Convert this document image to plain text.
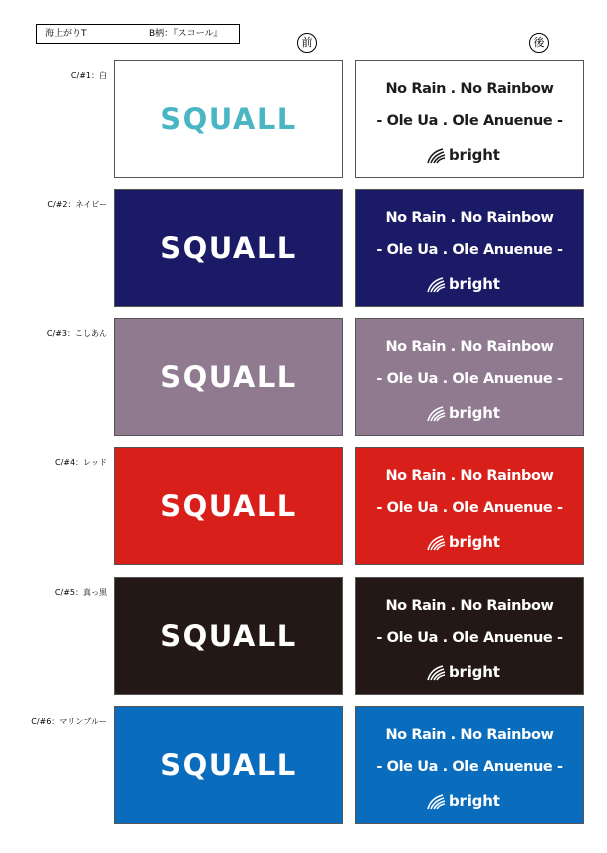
海上がりT	B柄：『スコール』
前	後
C/#1：白
SQUALL
No Rain . No Rainbow
- Ole Ua . Ole Anuenue -
bright
C/#2：ネイビー
SQUALL
No Rain . No Rainbow
- Ole Ua . Ole Anuenue -
bright
C/#3：こしあん
SQUALL
No Rain . No Rainbow
- Ole Ua . Ole Anuenue -
bright
C/#4：レッド
SQUALL
No Rain . No Rainbow
- Ole Ua . Ole Anuenue -
bright
C/#5：真っ黒
SQUALL
No Rain . No Rainbow
- Ole Ua . Ole Anuenue -
bright
C/#6：マリンブルー
SQUALL
No Rain . No Rainbow
- Ole Ua . Ole Anuenue -
bright
